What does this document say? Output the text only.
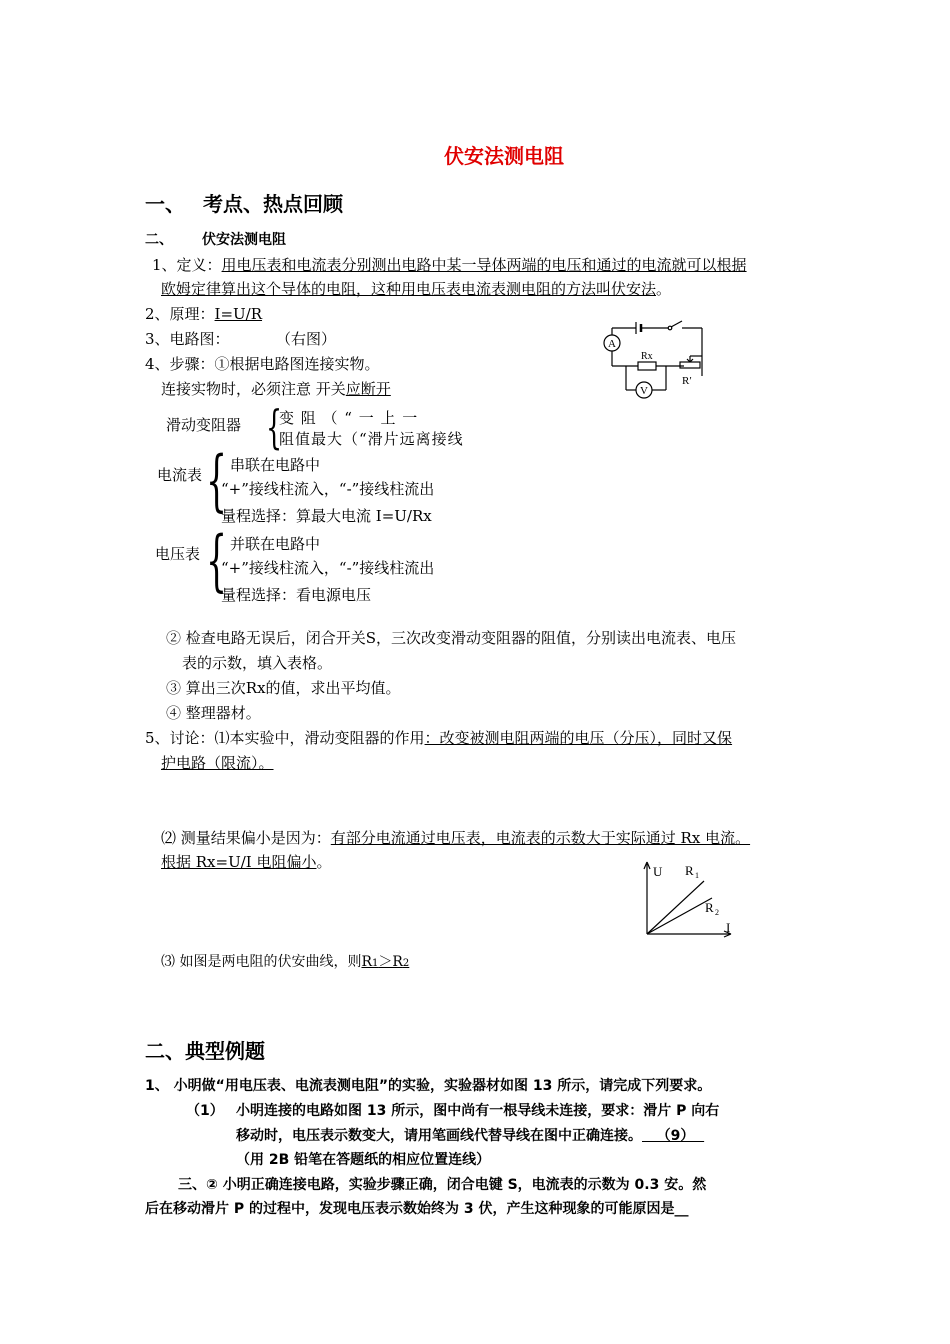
伏安法测电阻
一、 考点、热点回顾
二、 伏安法测电阻
1、定义：用电压表和电流表分别测出电路中某一导体两端的电压和通过的电流就可以根据
欧姆定律算出这个导体的电阻，这种用电压表电流表测电阻的方法叫伏安法。
2、原理：I=U/R
3、电路图：	（右图）
4、步骤：①根据电路图连接实物。
连接实物时，必须注意 开关应断开
A
V
Rx
R′
滑动变阻器 {
变 阻 （ “ 一 上 一
阻值最大（“滑片远离接线
电流表 { 串联在电路中
“+”接线柱流入，“-”接线柱流出
量程选择：算最大电流 I=U/Rx
电压表 { 并联在电路中
“+”接线柱流入，“-”接线柱流出
量程选择：看电源电压
② 检查电路无误后，闭合开关S，三次改变滑动变阻器的阻值，分别读出电流表、电压
表的示数，填入表格。
③ 算出三次Rx的值，求出平均值。
④ 整理器材。
5、讨论：⑴本实验中，滑动变阻器的作用：改变被测电阻两端的电压（分压），同时又保
护电路（限流）。
⑵ 测量结果偏小是因为：有部分电流通过电压表，电流表的示数大于实际通过 Rx 电流。
根据 Rx=U/I 电阻偏小。
U R 1
R 2
I
⑶ 如图是两电阻的伏安曲线，则R1＞R2
二、典型例题
1、 小明做“用电压表、电流表测电阻”的实验，实验器材如图 13 所示，请完成下列要求。
（1） 小明连接的电路如图 13 所示，图中尚有一根导线未连接，要求：滑片 P 向右
移动时，电压表示数变大，请用笔画线代替导线在图中正确连接。   （9）
（用 2B 铅笔在答题纸的相应位置连线）
三、② 小明正确连接电路，实验步骤正确，闭合电键 S，电流表的示数为 0.3 安。然
后在移动滑片 P 的过程中，发现电压表示数始终为 3 伏，产生这种现象的可能原因是__
